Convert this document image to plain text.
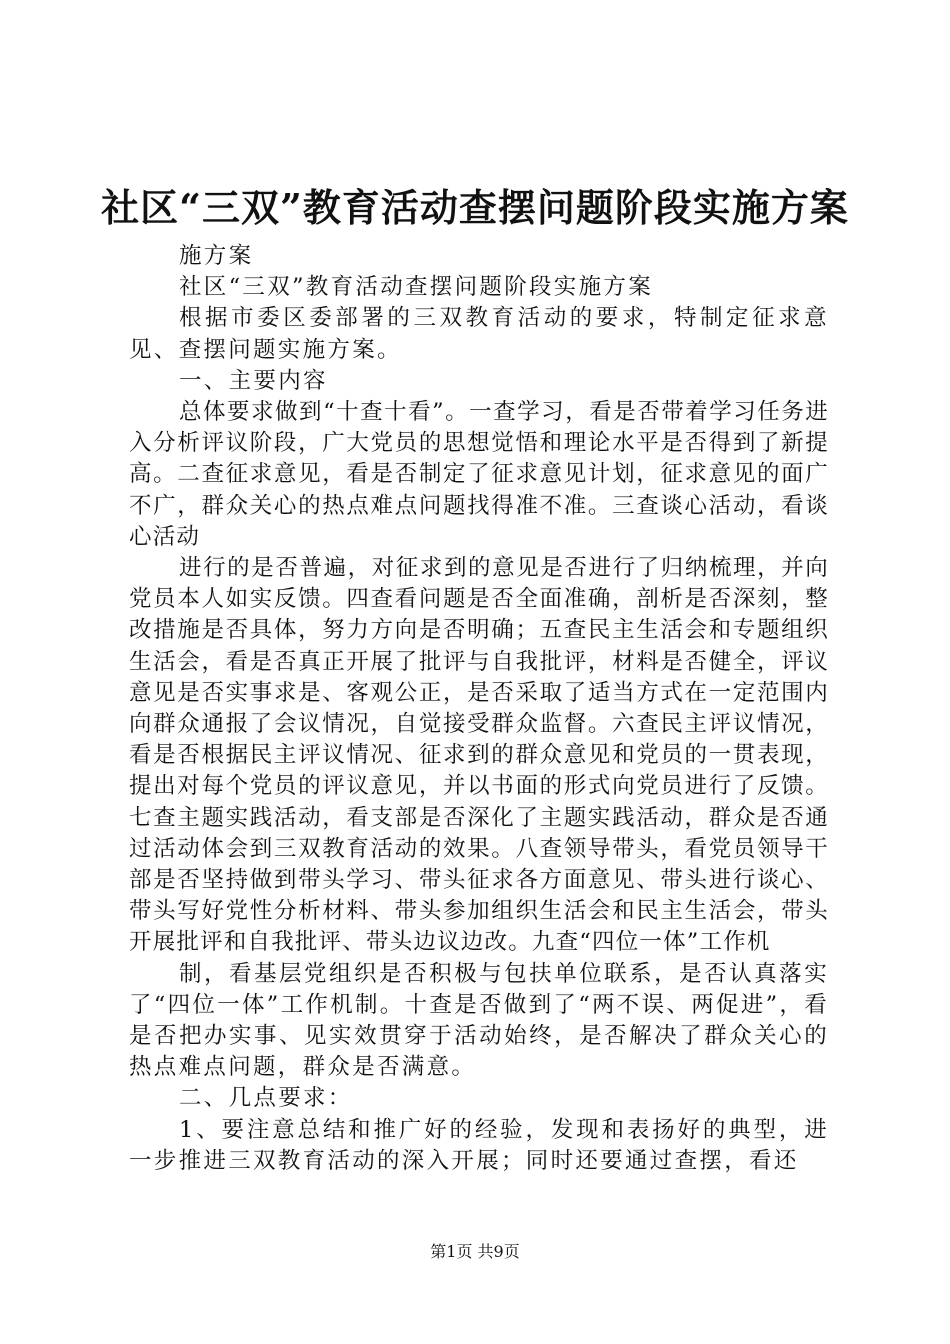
社区“三双”教育活动查摆问题阶段实施方案

施方案

社区“三双”教育活动查摆问题阶段实施方案

根据市委区委部署的三双教育活动的要求，特制定征求意见、查摆问题实施方案。

一、主要内容

总体要求做到“十查十看”。一查学习，看是否带着学习任务进入分析评议阶段，广大党员的思想觉悟和理论水平是否得到了新提高。二查征求意见，看是否制定了征求意见计划，征求意见的面广不广，群众关心的热点难点问题找得准不准。三查谈心活动，看谈心活动

进行的是否普遍，对征求到的意见是否进行了归纳梳理，并向党员本人如实反馈。四查看问题是否全面准确，剖析是否深刻，整改措施是否具体，努力方向是否明确；五查民主生活会和专题组织生活会，看是否真正开展了批评与自我批评，材料是否健全，评议意见是否实事求是、客观公正，是否采取了适当方式在一定范围内向群众通报了会议情况，自觉接受群众监督。六查民主评议情况，看是否根据民主评议情况、征求到的群众意见和党员的一贯表现，提出对每个党员的评议意见，并以书面的形式向党员进行了反馈。七查主题实践活动，看支部是否深化了主题实践活动，群众是否通过活动体会到三双教育活动的效果。八查领导带头，看党员领导干部是否坚持做到带头学习、带头征求各方面意见、带头进行谈心、带头写好党性分析材料、带头参加组织生活会和民主生活会，带头开展批评和自我批评、带头边议边改。九查“四位一体”工作机

制，看基层党组织是否积极与包扶单位联系，是否认真落实了“四位一体”工作机制。十查是否做到了“两不误、两促进”，看是否把办实事、见实效贯穿于活动始终，是否解决了群众关心的热点难点问题，群众是否满意。

二、几点要求：

1、要注意总结和推广好的经验，发现和表扬好的典型，进一步推进三双教育活动的深入开展；同时还要通过查摆，看还

第1页 共9页
